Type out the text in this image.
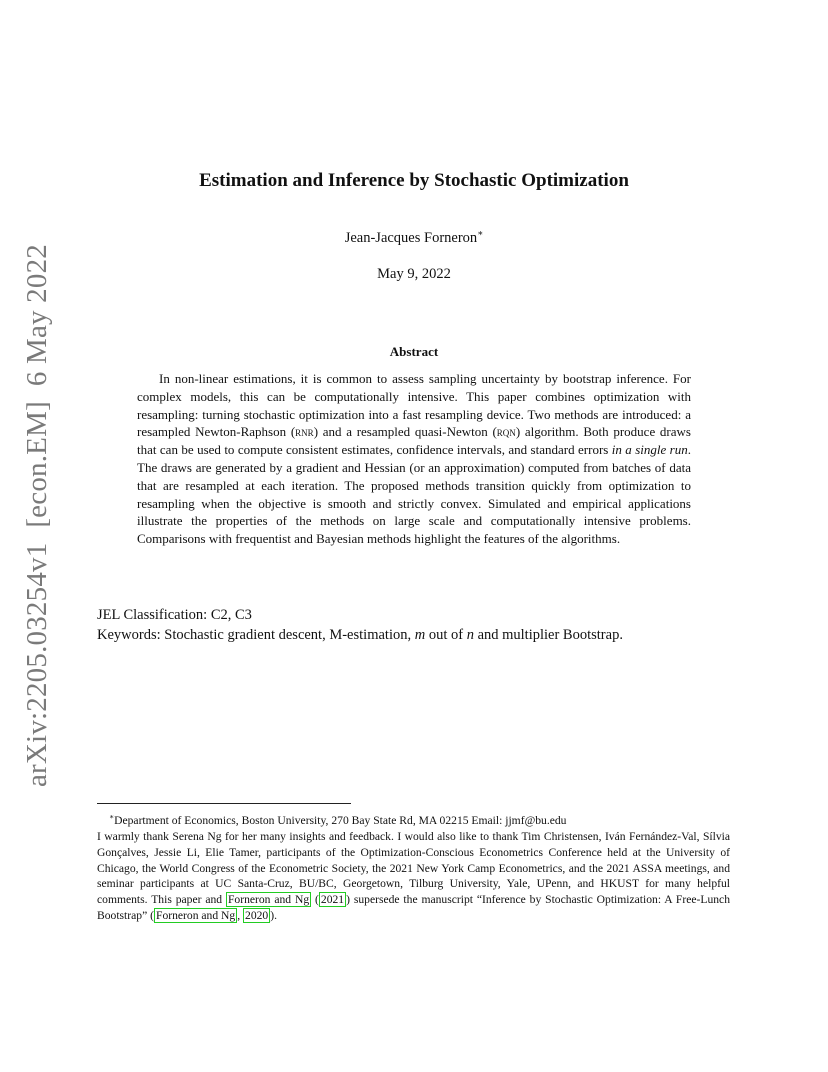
arXiv:2205.03254v1  [econ.EM]  6 May 2022
Estimation and Inference by Stochastic Optimization
Jean-Jacques Forneron∗
May 9, 2022
Abstract

In non-linear estimations, it is common to assess sampling uncertainty by bootstrap inference. For complex models, this can be computationally intensive. This paper combines optimization with resampling: turning stochastic optimization into a fast resampling device. Two methods are introduced: a resampled Newton-Raphson (rnr) and a resampled quasi-Newton (rqn) algorithm. Both produce draws that can be used to compute consistent estimates, confidence intervals, and standard errors in a single run. The draws are generated by a gradient and Hessian (or an approximation) computed from batches of data that are resampled at each iteration. The proposed methods transition quickly from optimization to resampling when the objective is smooth and strictly convex. Simulated and empirical applications illustrate the properties of the methods on large scale and computationally intensive problems. Comparisons with frequentist and Bayesian methods highlight the features of the algorithms.

JEL Classification: C2, C3
Keywords: Stochastic gradient descent, M-estimation, m out of n and multiplier Bootstrap.

∗Department of Economics, Boston University, 270 Bay State Rd, MA 02215 Email: jjmf@bu.edu
I warmly thank Serena Ng for her many insights and feedback. I would also like to thank Tim Christensen, Iván Fernández-Val, Sílvia Gonçalves, Jessie Li, Elie Tamer, participants of the Optimization-Conscious Econometrics Conference held at the University of Chicago, the World Congress of the Econometric Society, the 2021 New York Camp Econometrics, and the 2021 ASSA meetings, and seminar participants at UC Santa-Cruz, BU/BC, Georgetown, Tilburg University, Yale, UPenn, and HKUST for many helpful comments. This paper and Forneron and Ng ( 2021 ) supersede the manuscript “Inference by Stochastic Optimization: A Free-Lunch Bootstrap” ( Forneron and Ng , 2020 ).
